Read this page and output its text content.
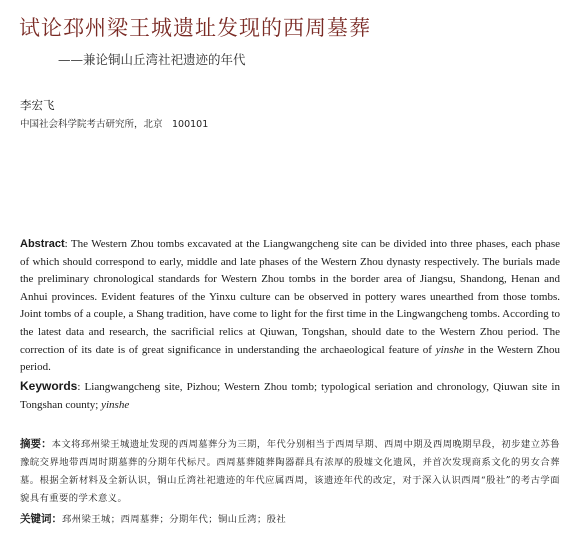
试论邳州梁王城遗址发现的西周墓葬
——兼论铜山丘湾社祀遗迹的年代
李宏飞
中国社会科学院考古研究所，北京　100101
Abstract: The Western Zhou tombs excavated at the Liangwangcheng site can be divided into three phases, each phase of which should correspond to early, middle and late phases of the Western Zhou dynasty respectively. The burials made the preliminary chronological standards for Western Zhou tombs in the border area of Jiangsu, Shandong, Henan and Anhui provinces. Evident features of the Yinxu culture can be observed in pottery wares unearthed from those tombs. Joint tombs of a couple, a Shang tradition, have come to light for the first time in the Lingwangcheng tombs. According to the latest data and research, the sacrificial relics at Qiuwan, Tongshan, should date to the Western Zhou period. The correction of its date is of great significance in understanding the archaeological feature of yinshe in the Western Zhou period.
Keywords: Liangwangcheng site, Pizhou; Western Zhou tomb; typological seriation and chronology, Qiuwan site in Tongshan county; yinshe
摘要：本文将邳州梁王城遗址发现的西周墓葬分为三期，年代分别相当于西周早期、西周中期及西周晚期早段，初步建立苏鲁豫皖交界地带西周时期墓葬的分期年代标尺。西周墓葬随葬陶器群具有浓厚的殷墟文化遗风，并首次发现商系文化的男女合葬墓。根据全新材料及全新认识，铜山丘湾社祀遗迹的年代应属西周，该遗迹年代的改定，对于深入认识西周“殷社”的考古学面貌具有重要的学术意义。
关键词：邳州梁王城；西周墓葬；分期年代；铜山丘湾；殷社
